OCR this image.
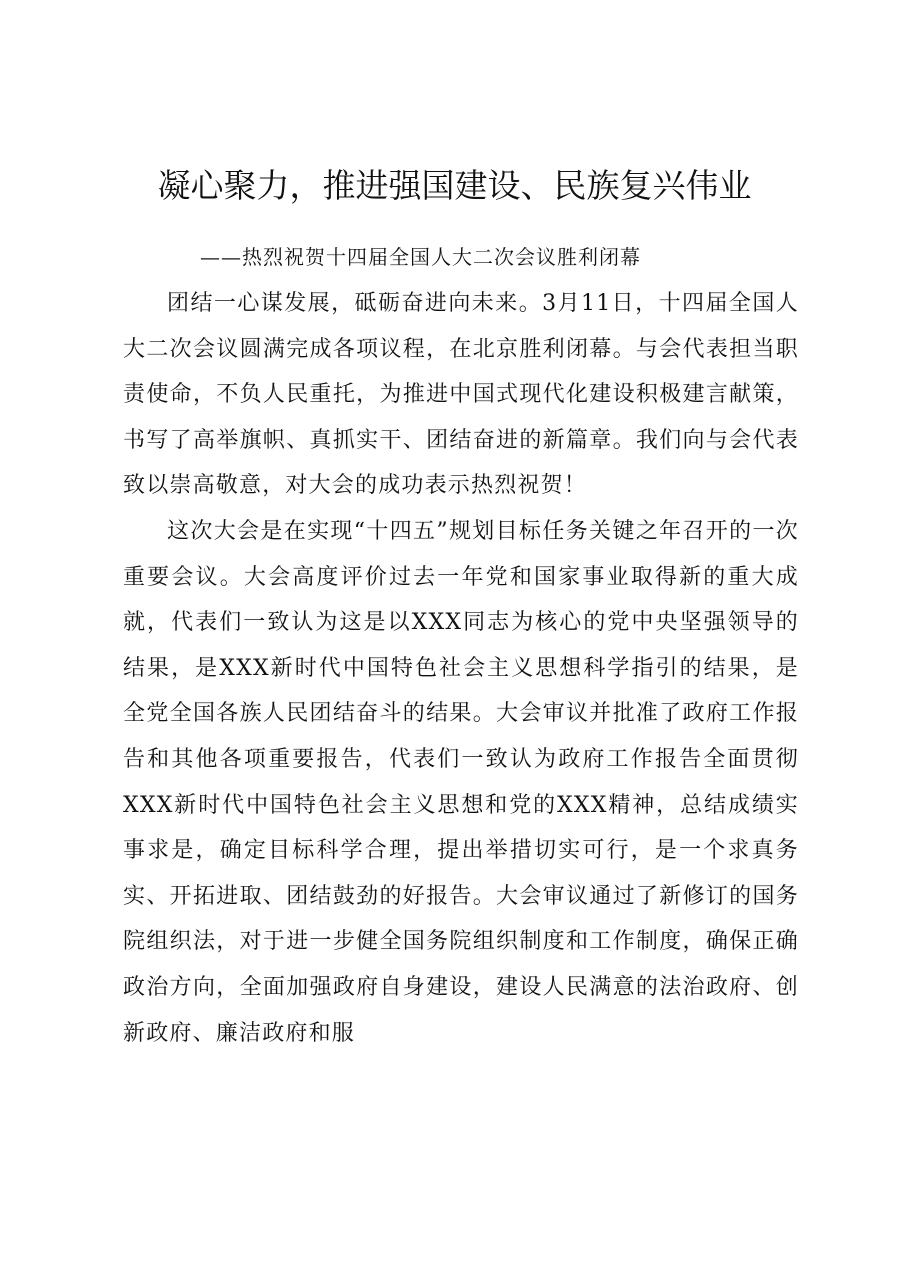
凝心聚力，推进强国建设、民族复兴伟业
——热烈祝贺十四届全国人大二次会议胜利闭幕

团结一心谋发展，砥砺奋进向未来。3月11日，十四届全国人大二次会议圆满完成各项议程，在北京胜利闭幕。与会代表担当职责使命，不负人民重托，为推进中国式现代化建设积极建言献策，书写了高举旗帜、真抓实干、团结奋进的新篇章。我们向与会代表致以崇高敬意，对大会的成功表示热烈祝贺！

这次大会是在实现“十四五”规划目标任务关键之年召开的一次重要会议。大会高度评价过去一年党和国家事业取得新的重大成就，代表们一致认为这是以XXX同志为核心的党中央坚强领导的结果，是XXX新时代中国特色社会主义思想科学指引的结果，是全党全国各族人民团结奋斗的结果。大会审议并批准了政府工作报告和其他各项重要报告，代表们一致认为政府工作报告全面贯彻XXX新时代中国特色社会主义思想和党的XXX精神，总结成绩实事求是，确定目标科学合理，提出举措切实可行，是一个求真务实、开拓进取、团结鼓劲的好报告。大会审议通过了新修订的国务院组织法，对于进一步健全国务院组织制度和工作制度，确保正确政治方向，全面加强政府自身建设，建设人民满意的法治政府、创新政府、廉洁政府和服
